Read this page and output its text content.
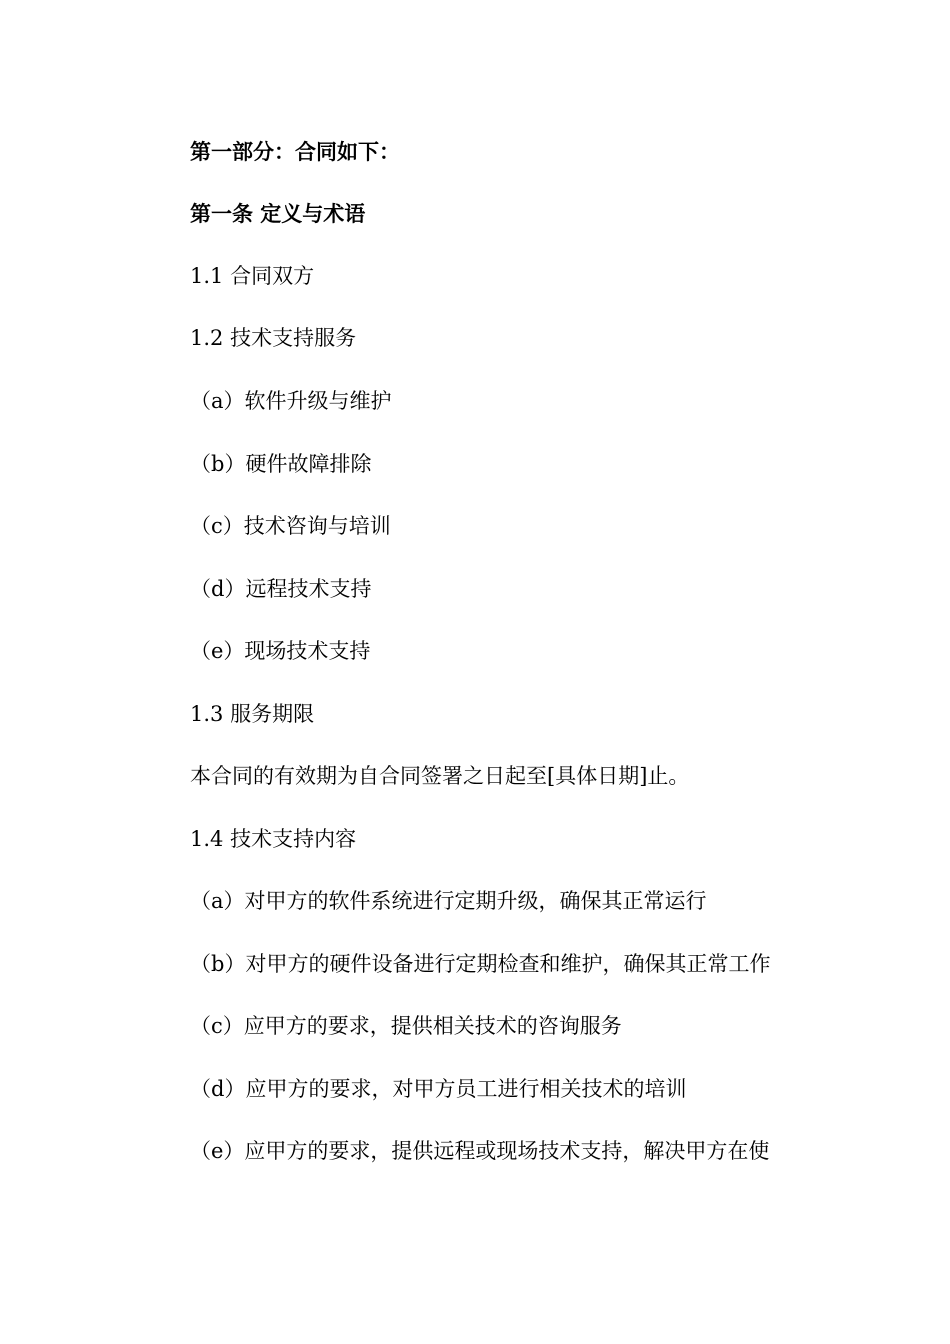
第一部分：合同如下：
第一条 定义与术语
1.1 合同双方
1.2 技术支持服务
（a）软件升级与维护
（b）硬件故障排除
（c）技术咨询与培训
（d）远程技术支持
（e）现场技术支持
1.3 服务期限
本合同的有效期为自合同签署之日起至[具体日期]止。
1.4 技术支持内容
（a）对甲方的软件系统进行定期升级，确保其正常运行
（b）对甲方的硬件设备进行定期检查和维护，确保其正常工作
（c）应甲方的要求，提供相关技术的咨询服务
（d）应甲方的要求，对甲方员工进行相关技术的培训
（e）应甲方的要求，提供远程或现场技术支持，解决甲方在使
